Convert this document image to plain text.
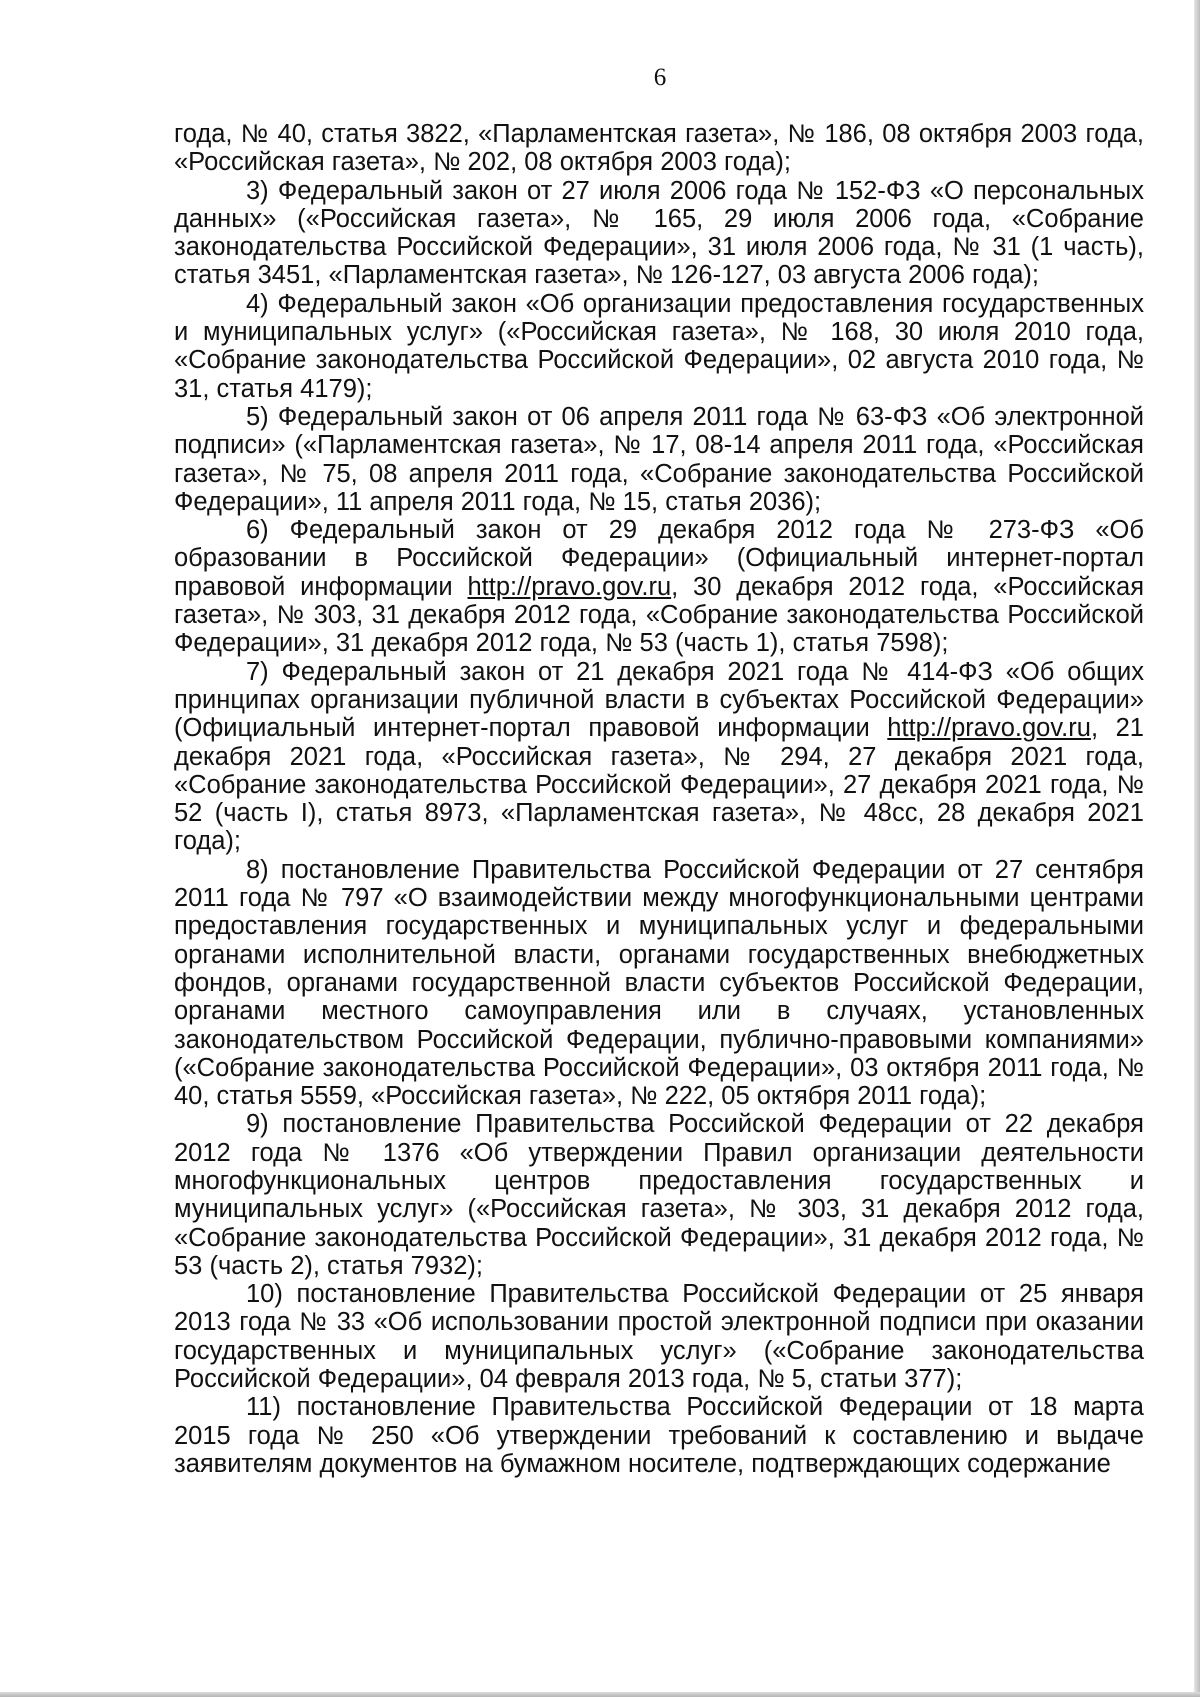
6

года, № 40, статья 3822, «Парламентская газета», № 186, 08 октября 2003 года, «Российская газета», № 202, 08 октября 2003 года);

3) Федеральный закон от 27 июля 2006 года № 152-ФЗ «О персональных данных» («Российская газета», № 165, 29 июля 2006 года, «Собрание законодательства Российской Федерации», 31 июля 2006 года, № 31 (1 часть), статья 3451, «Парламентская газета», № 126-127, 03 августа 2006 года);

4) Федеральный закон «Об организации предоставления государственных и муниципальных услуг» («Российская газета», № 168, 30 июля 2010 года, «Собрание законодательства Российской Федерации», 02 августа 2010 года, № 31, статья 4179);

5) Федеральный закон от 06 апреля 2011 года № 63-ФЗ «Об электронной подписи» («Парламентская газета», № 17, 08-14 апреля 2011 года, «Российская газета», № 75, 08 апреля 2011 года, «Собрание законодательства Российской Федерации», 11 апреля 2011 года, № 15, статья 2036);

6) Федеральный закон от 29 декабря 2012 года № 273-ФЗ «Об образовании в Российской Федерации» (Официальный интернет-портал правовой информации http://pravo.gov.ru, 30 декабря 2012 года, «Российская газета», № 303, 31 декабря 2012 года, «Собрание законодательства Российской Федерации», 31 декабря 2012 года, № 53 (часть 1), статья 7598);

7) Федеральный закон от 21 декабря 2021 года № 414-ФЗ «Об общих принципах организации публичной власти в субъектах Российской Федерации» (Официальный интернет-портал правовой информации http://pravo.gov.ru, 21 декабря 2021 года, «Российская газета», № 294, 27 декабря 2021 года, «Собрание законодательства Российской Федерации», 27 декабря 2021 года, № 52 (часть I), статья 8973, «Парламентская газета», № 48сс, 28 декабря 2021 года);

8) постановление Правительства Российской Федерации от 27 сентября 2011 года № 797 «О взаимодействии между многофункциональными центрами предоставления государственных и муниципальных услуг и федеральными органами исполнительной власти, органами государственных внебюджетных фондов, органами государственной власти субъектов Российской Федерации, органами местного самоуправления или в случаях, установленных законодательством Российской Федерации, публично-правовыми компаниями» («Собрание законодательства Российской Федерации», 03 октября 2011 года, № 40, статья 5559, «Российская газета», № 222, 05 октября 2011 года);

9) постановление Правительства Российской Федерации от 22 декабря 2012 года № 1376 «Об утверждении Правил организации деятельности многофункциональных центров предоставления государственных и муниципальных услуг» («Российская газета», № 303, 31 декабря 2012 года, «Собрание законодательства Российской Федерации», 31 декабря 2012 года, № 53 (часть 2), статья 7932);

10) постановление Правительства Российской Федерации от 25 января 2013 года № 33 «Об использовании простой электронной подписи при оказании государственных и муниципальных услуг» («Собрание законодательства Российской Федерации», 04 февраля 2013 года, № 5, статьи 377);

11) постановление Правительства Российской Федерации от 18 марта 2015 года № 250 «Об утверждении требований к составлению и выдаче заявителям документов на бумажном носителе, подтверждающих содержание
